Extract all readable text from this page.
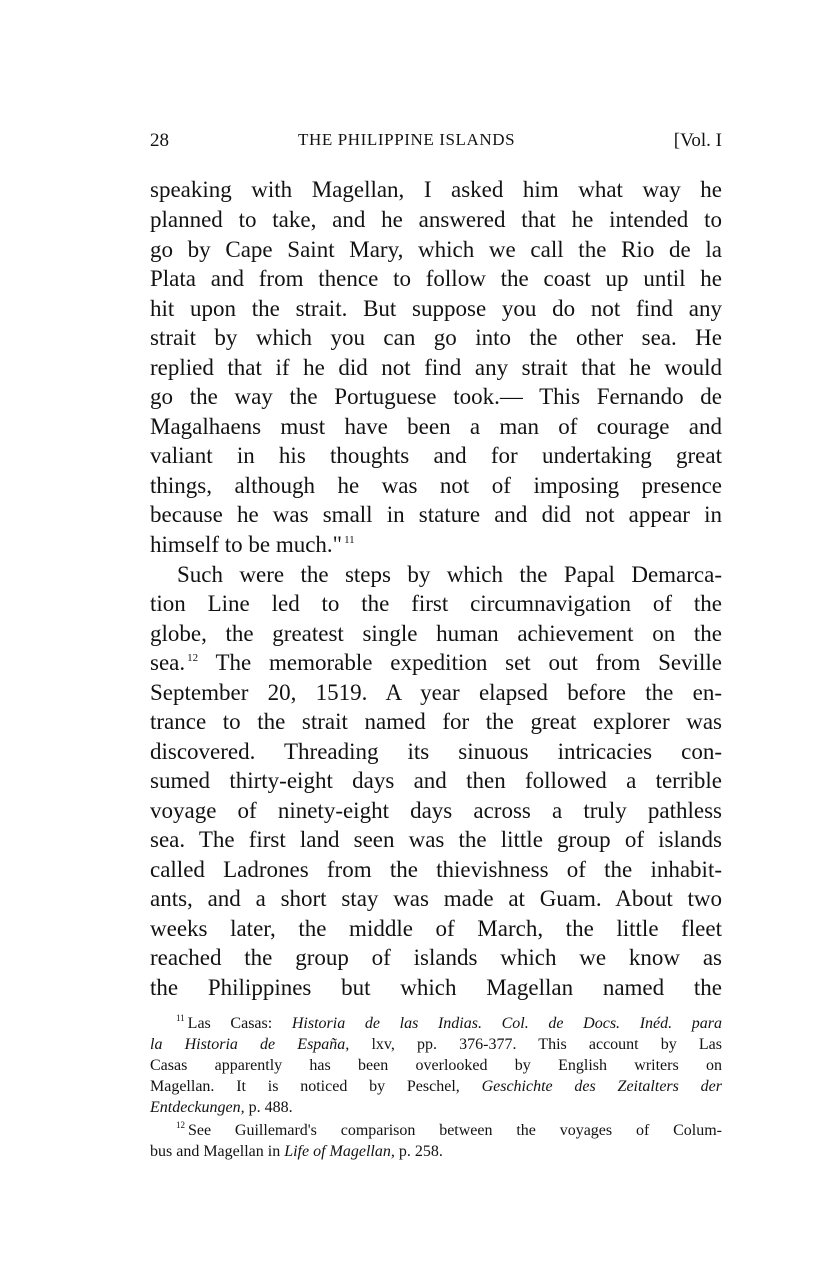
28	THE PHILIPPINE ISLANDS	[Vol. I
speaking with Magellan, I asked him what way he
planned to take, and he answered that he intended to
go by Cape Saint Mary, which we call the Rio de la
Plata and from thence to follow the coast up until he
hit upon the strait. But suppose you do not find any
strait by which you can go into the other sea. He
replied that if he did not find any strait that he would
go the way the Portuguese took.— This Fernando de
Magalhaens must have been a man of courage and
valiant in his thoughts and for undertaking great
things, although he was not of imposing presence
because he was small in stature and did not appear in
himself to be much." $^{11}$
Such were the steps by which the Papal Demarca-
tion Line led to the first circumnavigation of the
globe, the greatest single human achievement on the
sea. $^{12}$ The memorable expedition set out from Seville
September 20, 1519. A year elapsed before the en-
trance to the strait named for the great explorer was
discovered. Threading its sinuous intricacies con-
sumed thirty-eight days and then followed a terrible
voyage of ninety-eight days across a truly pathless
sea. The first land seen was the little group of islands
called Ladrones from the thievishness of the inhabit-
ants, and a short stay was made at Guam. About two
weeks later, the middle of March, the little fleet
reached the group of islands which we know as
the Philippines but which Magellan named the
$^{11}$ Las Casas: Historia de las Indias. Col. de Docs. Inéd. para
la Historia de España, lxv, pp. 376-377. This account by Las
Casas apparently has been overlooked by English writers on
Magellan. It is noticed by Peschel, Geschichte des Zeitalters der
Entdeckungen, p. 488.
$^{12}$ See Guillemard's comparison between the voyages of Colum-
bus and Magellan in Life of Magellan, p. 258.
